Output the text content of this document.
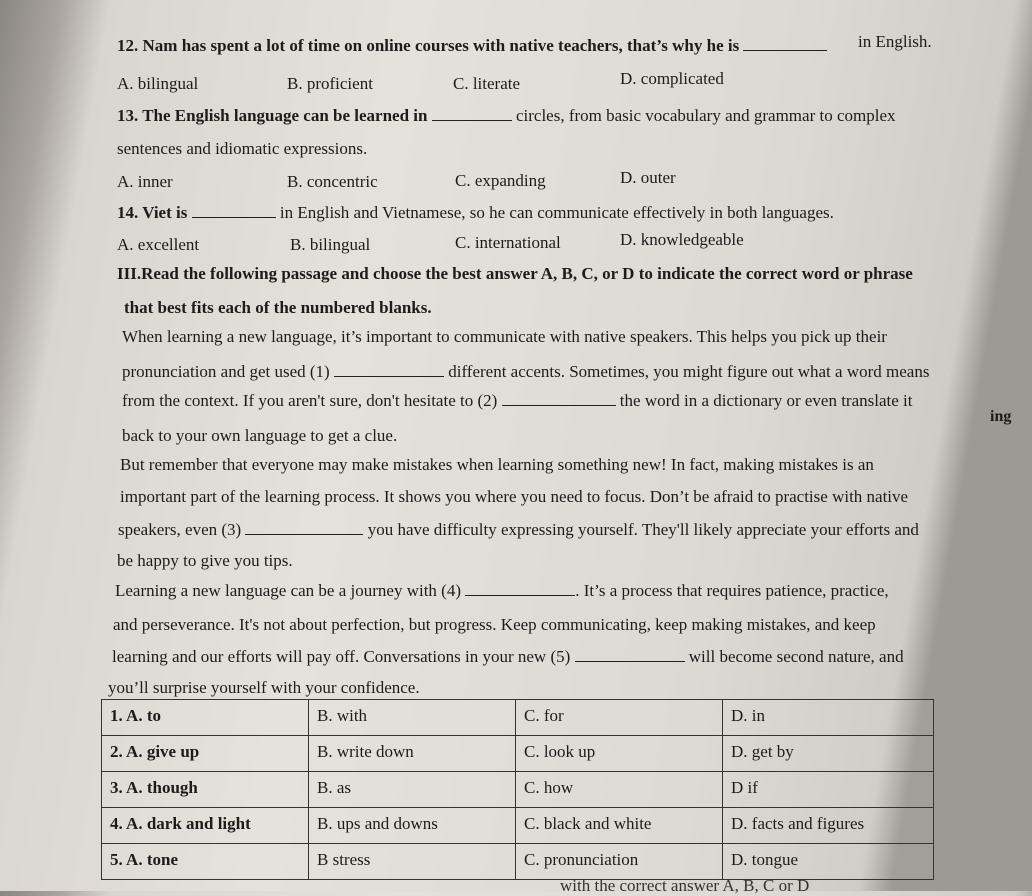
12. Nam has spent a lot of time on online courses with native teachers, that’s why he is	in English.
A. bilingual	B. proficient	C. literate	D. complicated
13. The English language can be learned in	circles, from basic vocabulary and grammar to complex
sentences and idiomatic expressions.
A. inner	B. concentric	C. expanding	D. outer
14. Viet is	in English and Vietnamese, so he can communicate effectively in both languages.
A. excellent	B. bilingual	C. international	D. knowledgeable
III.Read the following passage and choose the best answer A, B, C, or D to indicate the correct word or phrase
that best fits each of the numbered blanks.
When learning a new language, it’s important to communicate with native speakers. This helps you pick up their
pronunciation and get used (1)	different accents. Sometimes, you might figure out what a word means
from the context. If you aren't sure, don't hesitate to (2)	the word in a dictionary or even translate it
ing
back to your own language to get a clue.
But remember that everyone may make mistakes when learning something new! In fact, making mistakes is an
important part of the learning process. It shows you where you need to focus. Don’t be afraid to practise with native
speakers, even (3)	you have difficulty expressing yourself. They'll likely appreciate your efforts and
be happy to give you tips.
Learning a new language can be a journey with (4)	. It’s a process that requires patience, practice,
and perseverance. It's not about perfection, but progress. Keep communicating, keep making mistakes, and keep
learning and our efforts will pay off. Conversations in your new (5)	will become second nature, and
you’ll surprise yourself with your confidence.
1. A. to	B. with	C. for	D. in
2. A. give up	B. write down	C. look up	D. get by
3. A. though	B. as	C. how	D if
4. A. dark and light	B. ups and downs	C. black and white	D. facts and figures
5. A. tone	B stress	C. pronunciation	D. tongue
with the correct answer A, B, C or D
